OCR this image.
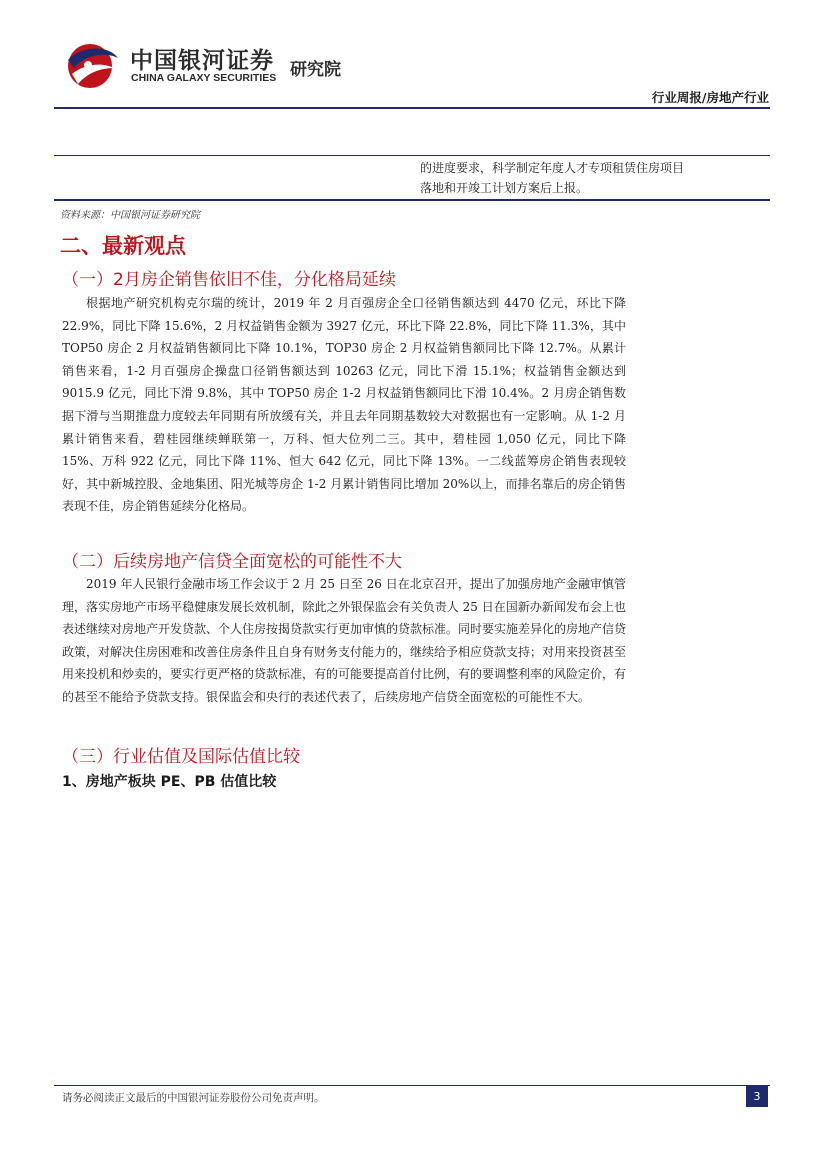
中国银河证券
CHINA GALAXY SECURITIES 研究院
行业周报/房地产行业
的进度要求，科学制定年度人才专项租赁住房项目
落地和开竣工计划方案后上报。
资料来源：中国银河证券研究院
二、最新观点
（一）2月房企销售依旧不佳，分化格局延续

根据地产研究机构克尔瑞的统计，2019 年 2 月百强房企全口径销售额达到 4470 亿元，环比下降 22.9%，同比下降 15.6%，2 月权益销售金额为 3927 亿元，环比下降 22.8%，同比下降 11.3%，其中 TOP50 房企 2 月权益销售额同比下降 10.1%，TOP30 房企 2 月权益销售额同比下降 12.7%。从累计销售来看，1-2 月百强房企操盘口径销售额达到 10263 亿元，同比下滑 15.1%；权益销售金额达到 9015.9 亿元，同比下滑 9.8%，其中 TOP50 房企 1-2 月权益销售额同比下滑 10.4%。2 月房企销售数据下滑与当期推盘力度较去年同期有所放缓有关，并且去年同期基数较大对数据也有一定影响。从 1-2 月累计销售来看，碧桂园继续蝉联第一，万科、恒大位列二三。其中，碧桂园 1,050 亿元，同比下降 15%、万科 922 亿元，同比下降 11%、恒大 642 亿元，同比下降 13%。一二线蓝筹房企销售表现较好，其中新城控股、金地集团、阳光城等房企 1-2 月累计销售同比增加 20%以上，而排名靠后的房企销售表现不佳，房企销售延续分化格局。

（二）后续房地产信贷全面宽松的可能性不大

2019 年人民银行金融市场工作会议于 2 月 25 日至 26 日在北京召开，提出了加强房地产金融审慎管理，落实房地产市场平稳健康发展长效机制，除此之外银保监会有关负责人 25 日在国新办新闻发布会上也表述继续对房地产开发贷款、个人住房按揭贷款实行更加审慎的贷款标准。同时要实施差异化的房地产信贷政策，对解决住房困难和改善住房条件且自身有财务支付能力的，继续给予相应贷款支持；对用来投资甚至用来投机和炒卖的，要实行更严格的贷款标准，有的可能要提高首付比例，有的要调整利率的风险定价，有的甚至不能给予贷款支持。银保监会和央行的表述代表了，后续房地产信贷全面宽松的可能性不大。

（三）行业估值及国际估值比较
1、房地产板块 PE、PB 估值比较
请务必阅读正文最后的中国银河证券股份公司免责声明。	3
